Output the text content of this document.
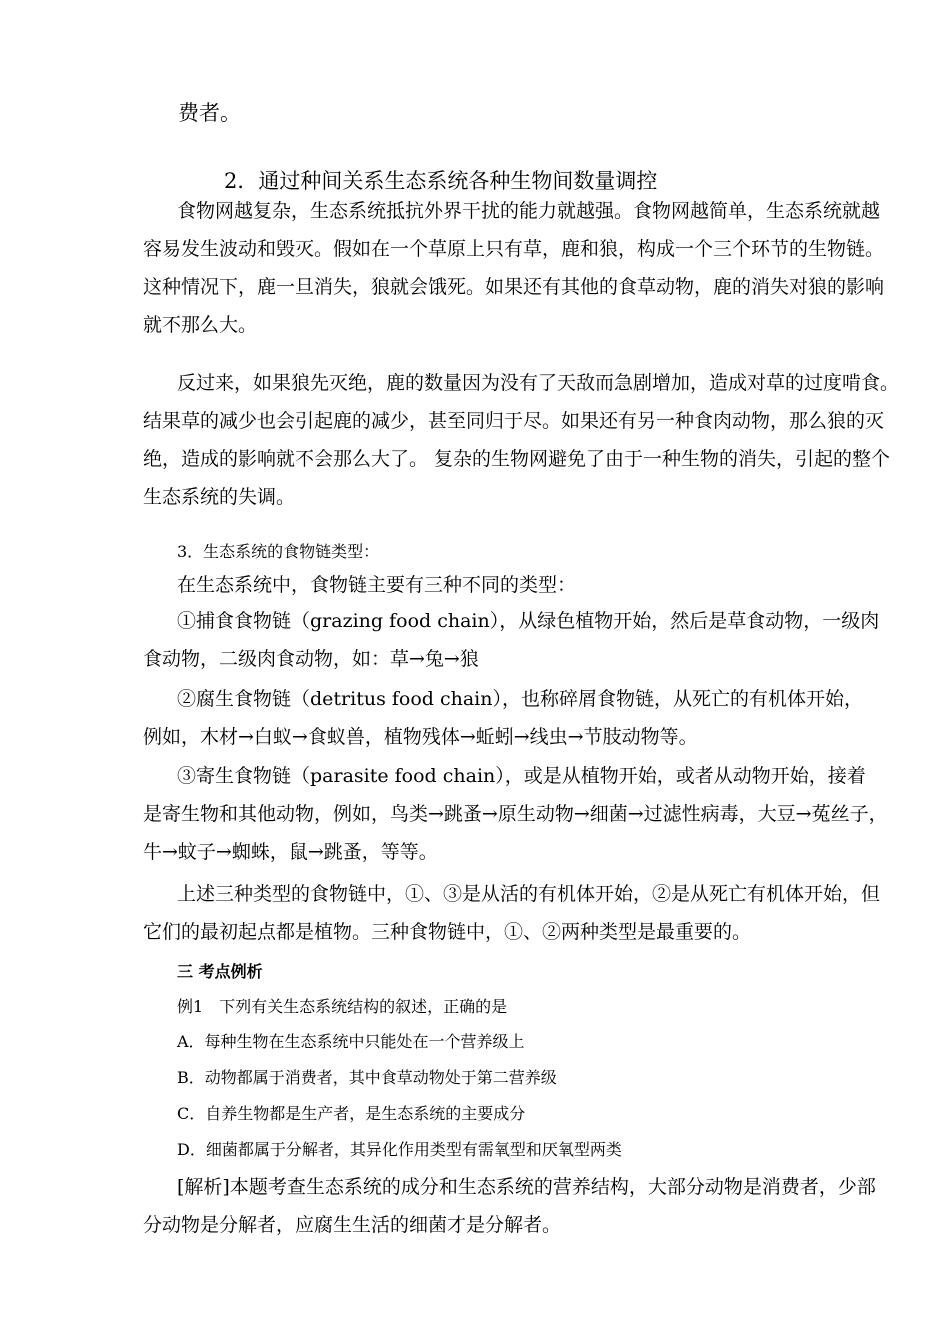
费者。

2．通过种间关系生态系统各种生物间数量调控

食物网越复杂，生态系统抵抗外界干扰的能力就越强。食物网越简单，生态系统就越
容易发生波动和毁灭。假如在一个草原上只有草，鹿和狼，构成一个三个环节的生物链。
这种情况下，鹿一旦消失，狼就会饿死。如果还有其他的食草动物，鹿的消失对狼的影响
就不那么大。
反过来，如果狼先灭绝，鹿的数量因为没有了天敌而急剧增加，造成对草的过度啃食。
结果草的减少也会引起鹿的减少，甚至同归于尽。如果还有另一种食肉动物，那么狼的灭
绝，造成的影响就不会那么大了。 复杂的生物网避免了由于一种生物的消失，引起的整个
生态系统的失调。

3．生态系统的食物链类型：

在生态系统中，食物链主要有三种不同的类型：

①捕食食物链（grazing food chain），从绿色植物开始，然后是草食动物，一级肉
食动物，二级肉食动物，如：草→兔→狼
②腐生食物链（detritus food chain），也称碎屑食物链，从死亡的有机体开始，
例如，木材→白蚁→食蚁兽，植物残体→蚯蚓→线虫→节肢动物等。
③寄生食物链（parasite food chain），或是从植物开始，或者从动物开始，接着
是寄生物和其他动物，例如，鸟类→跳蚤→原生动物→细菌→过滤性病毒，大豆→菟丝子，
牛→蚊子→蜘蛛，鼠→跳蚤，等等。
上述三种类型的食物链中，①、③是从活的有机体开始，②是从死亡有机体开始，但
它们的最初起点都是植物。三种食物链中，①、②两种类型是最重要的。

三 考点例析

例1　下列有关生态系统结构的叙述，正确的是

A．每种生物在生态系统中只能处在一个营养级上
B．动物都属于消费者，其中食草动物处于第二营养级
C．自养生物都是生产者，是生态系统的主要成分
D．细菌都属于分解者，其异化作用类型有需氧型和厌氧型两类
[解析]本题考查生态系统的成分和生态系统的营养结构，大部分动物是消费者，少部
分动物是分解者，应腐生生活的细菌才是分解者。
